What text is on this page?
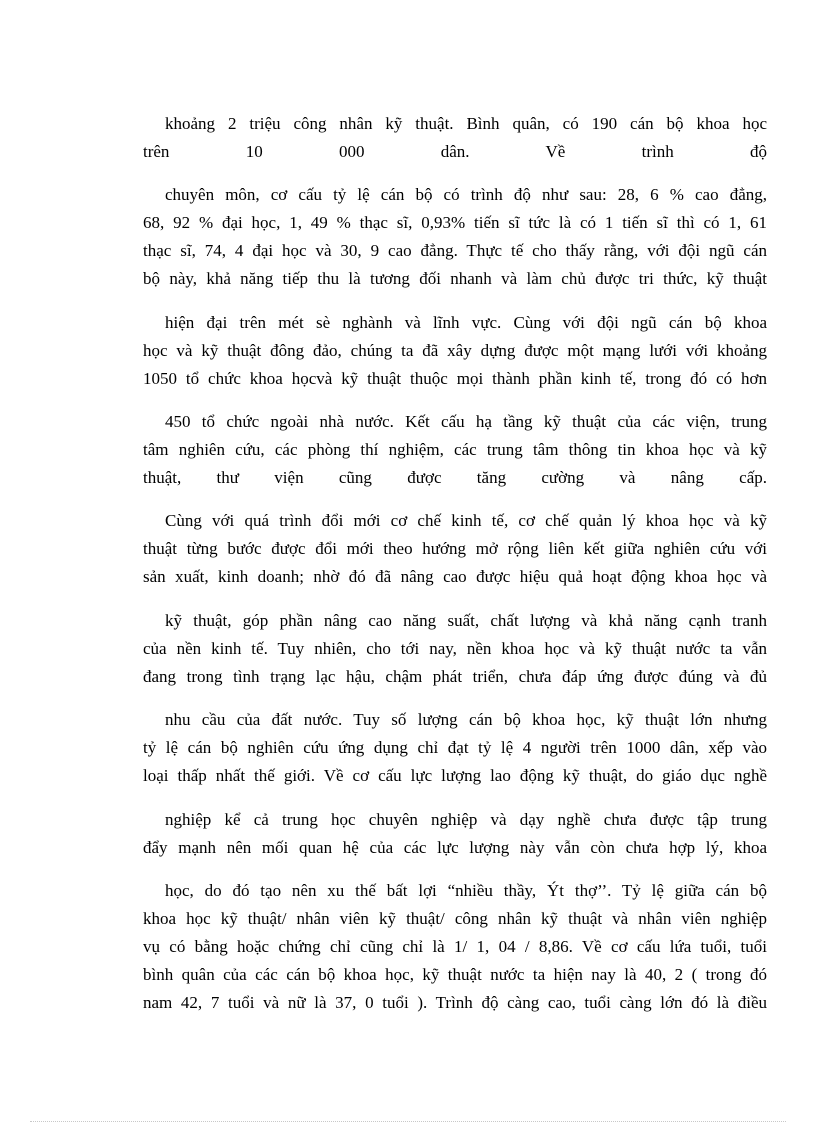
khoảng 2 triệu công nhân kỹ thuật. Bình quân, có 190 cán bộ khoa học
trên 10 000 dân. Về trình độ
chuyên môn, cơ cấu tỷ lệ cán bộ có trình độ như sau: 28, 6 % cao đẳng,
68, 92 % đại học, 1, 49 % thạc sĩ, 0,93% tiến sĩ tức là có 1 tiến sĩ thì có 1, 61
thạc sĩ, 74, 4 đại học và 30, 9 cao đẳng. Thực tế cho thấy rằng, với đội ngũ cán
bộ này, khả năng tiếp thu là tương đối nhanh và làm chủ được tri thức, kỹ thuật
hiện đại trên mét sè nghành và lĩnh vực. Cùng với đội ngũ cán bộ khoa
học và kỹ thuật đông đảo, chúng ta đã xây dựng được một mạng lưới với khoảng
1050 tổ chức khoa họcvà kỹ thuật thuộc mọi thành phần kinh tế, trong đó có hơn
450 tổ chức ngoài nhà nước. Kết cấu hạ tầng kỹ thuật của các viện, trung
tâm nghiên cứu, các phòng thí nghiệm, các trung tâm thông tin khoa học và kỹ
thuật, thư viện cũng được tăng cường và nâng cấp.
Cùng với quá trình đổi mới cơ chế kinh tế, cơ chế quản lý khoa học và kỹ
thuật từng bước được đổi mới theo hướng mở rộng liên kết giữa nghiên cứu với
sản xuất, kinh doanh; nhờ đó đã nâng cao được hiệu quả hoạt động khoa học và
kỹ thuật, góp phần nâng cao năng suất, chất lượng và khả năng cạnh tranh
của nền kinh tế. Tuy nhiên, cho tới nay, nền khoa học và kỹ thuật nước ta vẫn
đang trong tình trạng lạc hậu, chậm phát triển, chưa đáp ứng được đúng và đủ
nhu cầu của đất nước. Tuy số lượng cán bộ khoa học, kỹ thuật lớn nhưng
tỷ lệ cán bộ nghiên cứu ứng dụng chỉ đạt tỷ lệ 4 người trên 1000 dân, xếp vào
loại thấp nhất thế giới. Về cơ cấu lực lượng lao động kỹ thuật, do giáo dục nghề
nghiệp kể cả trung học chuyên nghiệp và dạy nghề chưa được tập trung
đẩy mạnh nên mối quan hệ của các lực lượng này vẫn còn chưa hợp lý, khoa
học, do đó tạo nên xu thế bất lợi “nhiều thầy, Ýt thợ’’. Tỷ lệ giữa cán bộ
khoa học kỹ thuật/ nhân viên kỹ thuật/ công nhân kỹ thuật và nhân viên nghiệp
vụ có bằng hoặc chứng chỉ cũng chỉ là 1/ 1, 04 / 8,86. Về cơ cấu lứa tuổi, tuổi
bình quân của các cán bộ khoa học, kỹ thuật nước ta hiện nay là 40, 2 ( trong đó
nam 42, 7 tuổi và nữ là 37, 0 tuổi ). Trình độ càng cao, tuổi càng lớn đó là điều
